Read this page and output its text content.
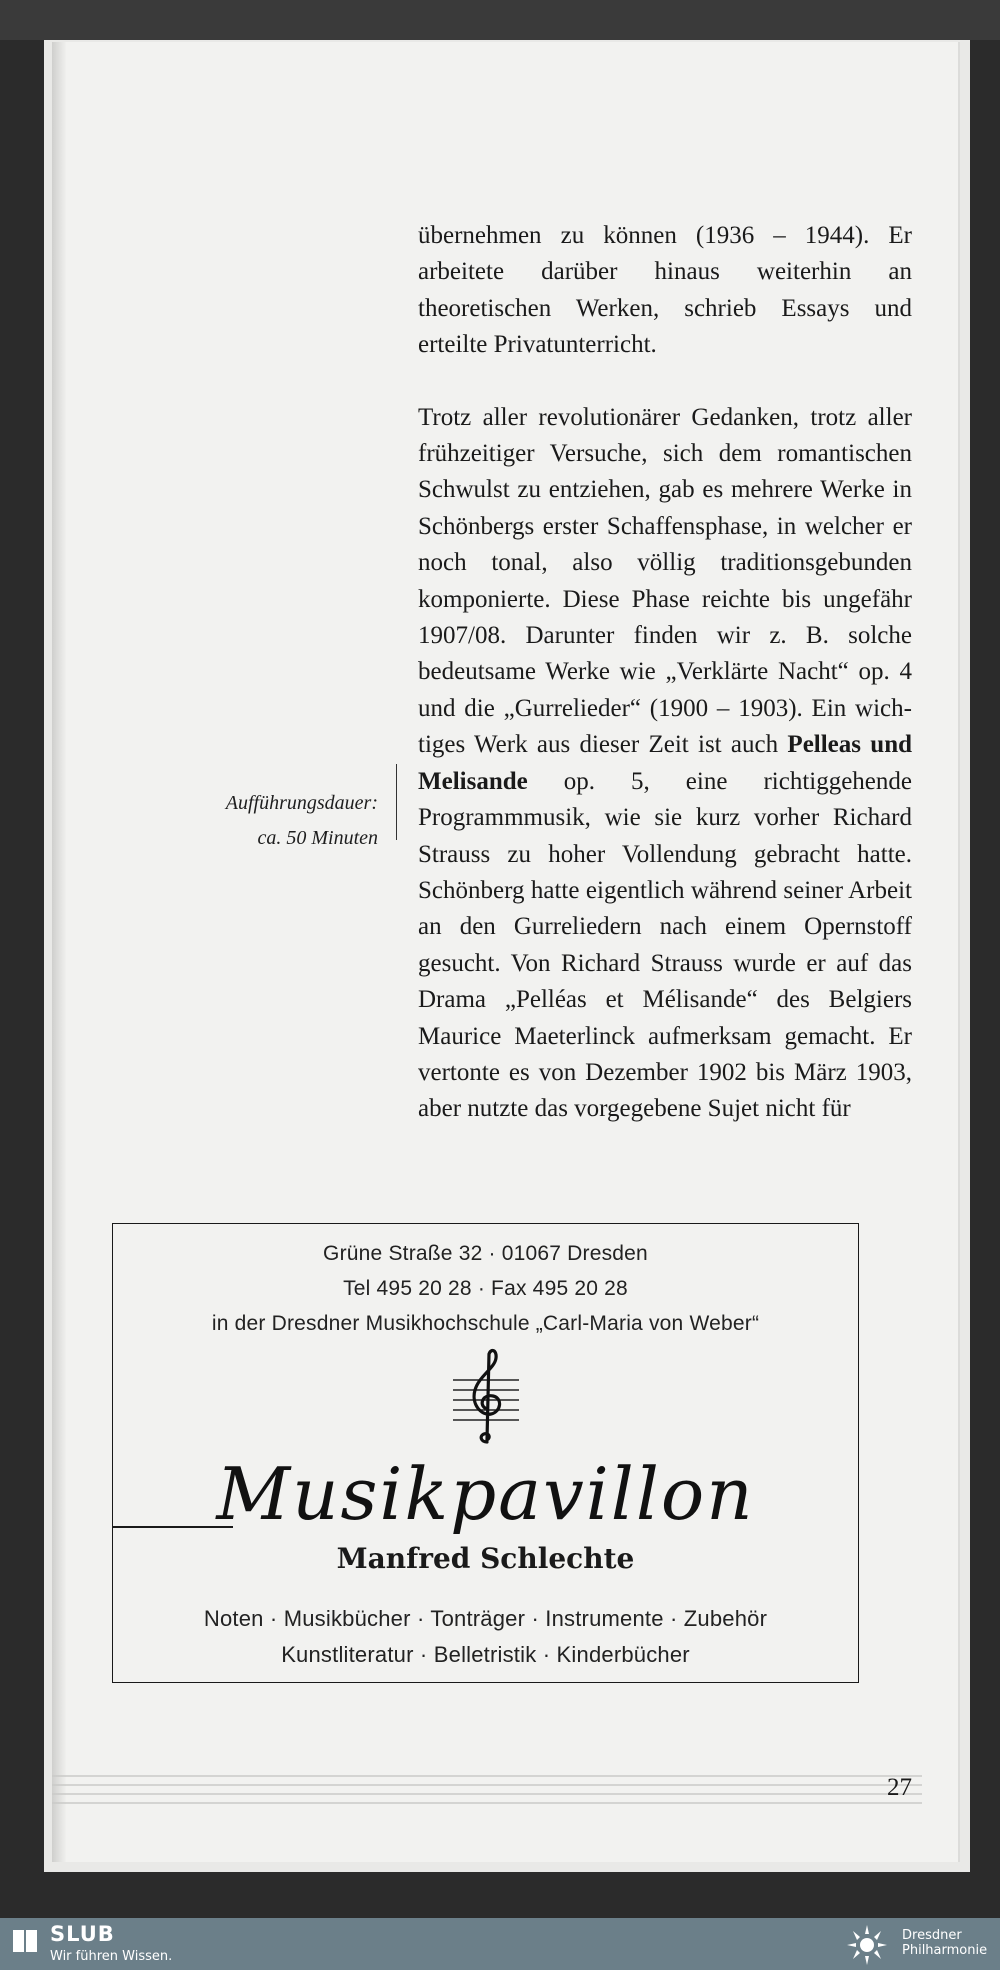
Aufführungsdauer:
ca. 50 Minuten

übernehmen zu können (1936 – 1944). Er arbeitete darüber hinaus weiterhin an theoretischen Werken, schrieb Essays und erteilte Privatunterricht.

Trotz aller revolutionärer Gedanken, trotz aller frühzeitiger Versuche, sich dem romantischen Schwulst zu entziehen, gab es mehrere Werke in Schönbergs erster Schaffensphase, in welcher er noch tonal, also völlig traditionsgebunden komponierte. Diese Phase reichte bis ungefähr 1907/08. Darunter finden wir z. B. solche bedeutsame Werke wie „Verklärte Nacht“ op. 4 und die „Gurrelieder“ (1900 – 1903). Ein wichtiges Werk aus dieser Zeit ist auch Pelleas und Melisande op. 5, eine richtiggehende Programmmusik, wie sie kurz vorher Richard Strauss zu hoher Vollendung gebracht hatte. Schönberg hatte eigentlich während seiner Arbeit an den Gurreliedern nach einem Opernstoff gesucht. Von Richard Strauss wurde er auf das Drama „Pelléas et Mélisande“ des Belgiers Maurice Maeterlinck aufmerksam gemacht. Er vertonte es von Dezember 1902 bis März 1903, aber nutzte das vorgegebene Sujet nicht für

27
Grüne Straße 32 · 01067 Dresden
Tel 495 20 28 · Fax 495 20 28
in der Dresdner Musikhochschule „Carl-Maria von Weber“
Musikpavillon
Manfred Schlechte
Noten · Musikbücher · Tonträger · Instrumente · Zubehör
Kunstliteratur · Belletristik · Kinderbücher
SLUB
Wir führen Wissen.
Dresdner
Philharmonie
